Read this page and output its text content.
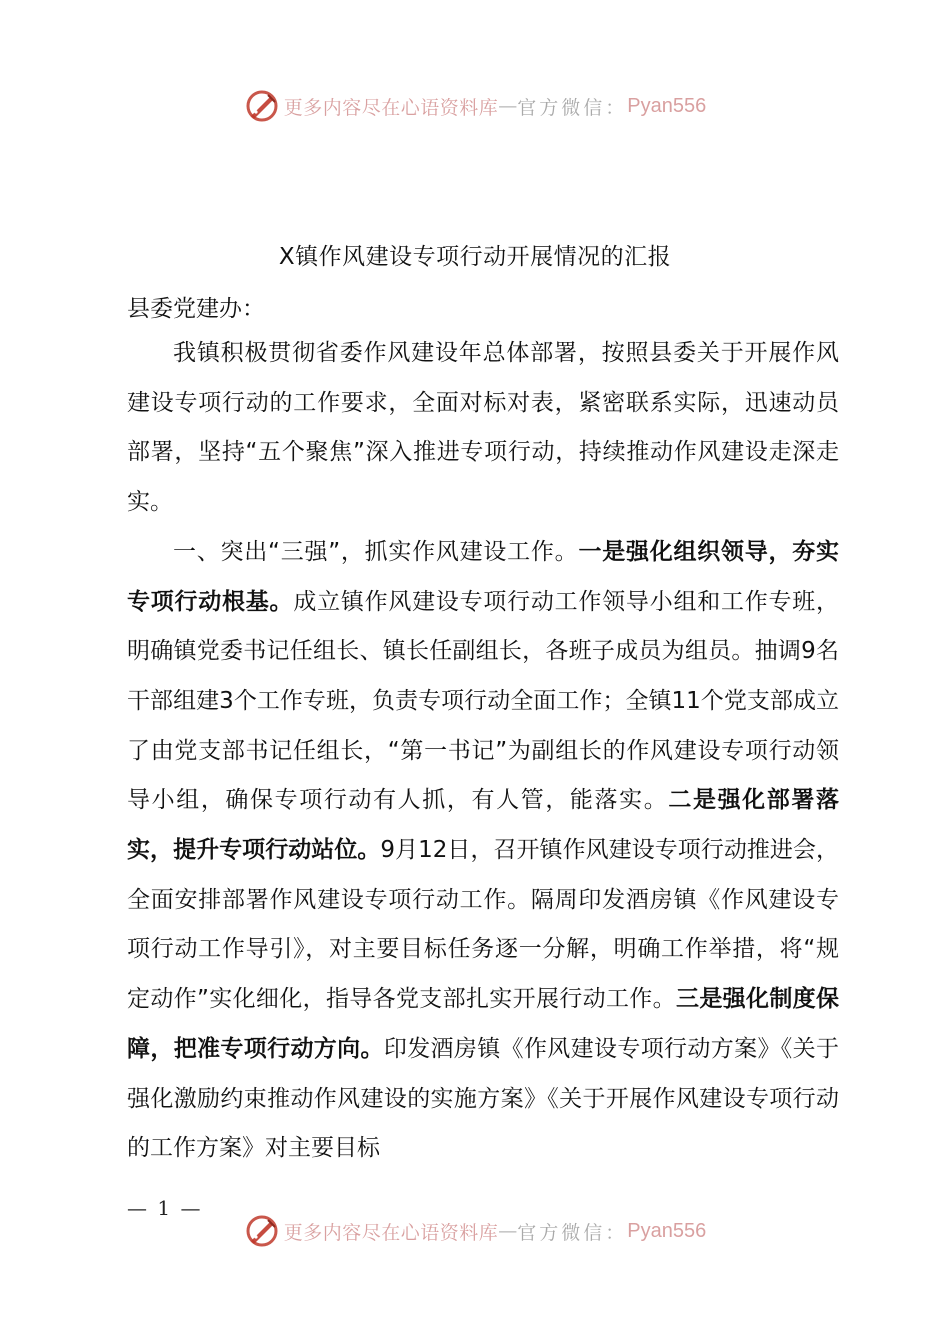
更多内容尽在心语资料库 — 官方微信： Pyan556
X镇作风建设专项行动开展情况的汇报
县委党建办：

我镇积极贯彻省委作风建设年总体部署，按照县委关于开展作风建设专项行动的工作要求，全面对标对表，紧密联系实际，迅速动员部署，坚持“五个聚焦”深入推进专项行动，持续推动作风建设走深走实。

一、突出“三强”，抓实作风建设工作。一是强化组织领导，夯实专项行动根基。成立镇作风建设专项行动工作领导小组和工作专班，明确镇党委书记任组长、镇长任副组长，各班子成员为组员。抽调9名干部组建3个工作专班，负责专项行动全面工作；全镇11个党支部成立了由党支部书记任组长，“第一书记”为副组长的作风建设专项行动领导小组，确保专项行动有人抓，有人管，能落实。二是强化部署落实，提升专项行动站位。9月12日，召开镇作风建设专项行动推进会，全面安排部署作风建设专项行动工作。隔周印发酒房镇《作风建设专项行动工作导引》，对主要目标任务逐一分解，明确工作举措，将“规定动作”实化细化，指导各党支部扎实开展行动工作。三是强化制度保障，把准专项行动方向。印发酒房镇《作风建设专项行动方案》《关于强化激励约束推动作风建设的实施方案》《关于开展作风建设专项行动的工作方案》对主要目标

— 1 —
更多内容尽在心语资料库 — 官方微信： Pyan556
